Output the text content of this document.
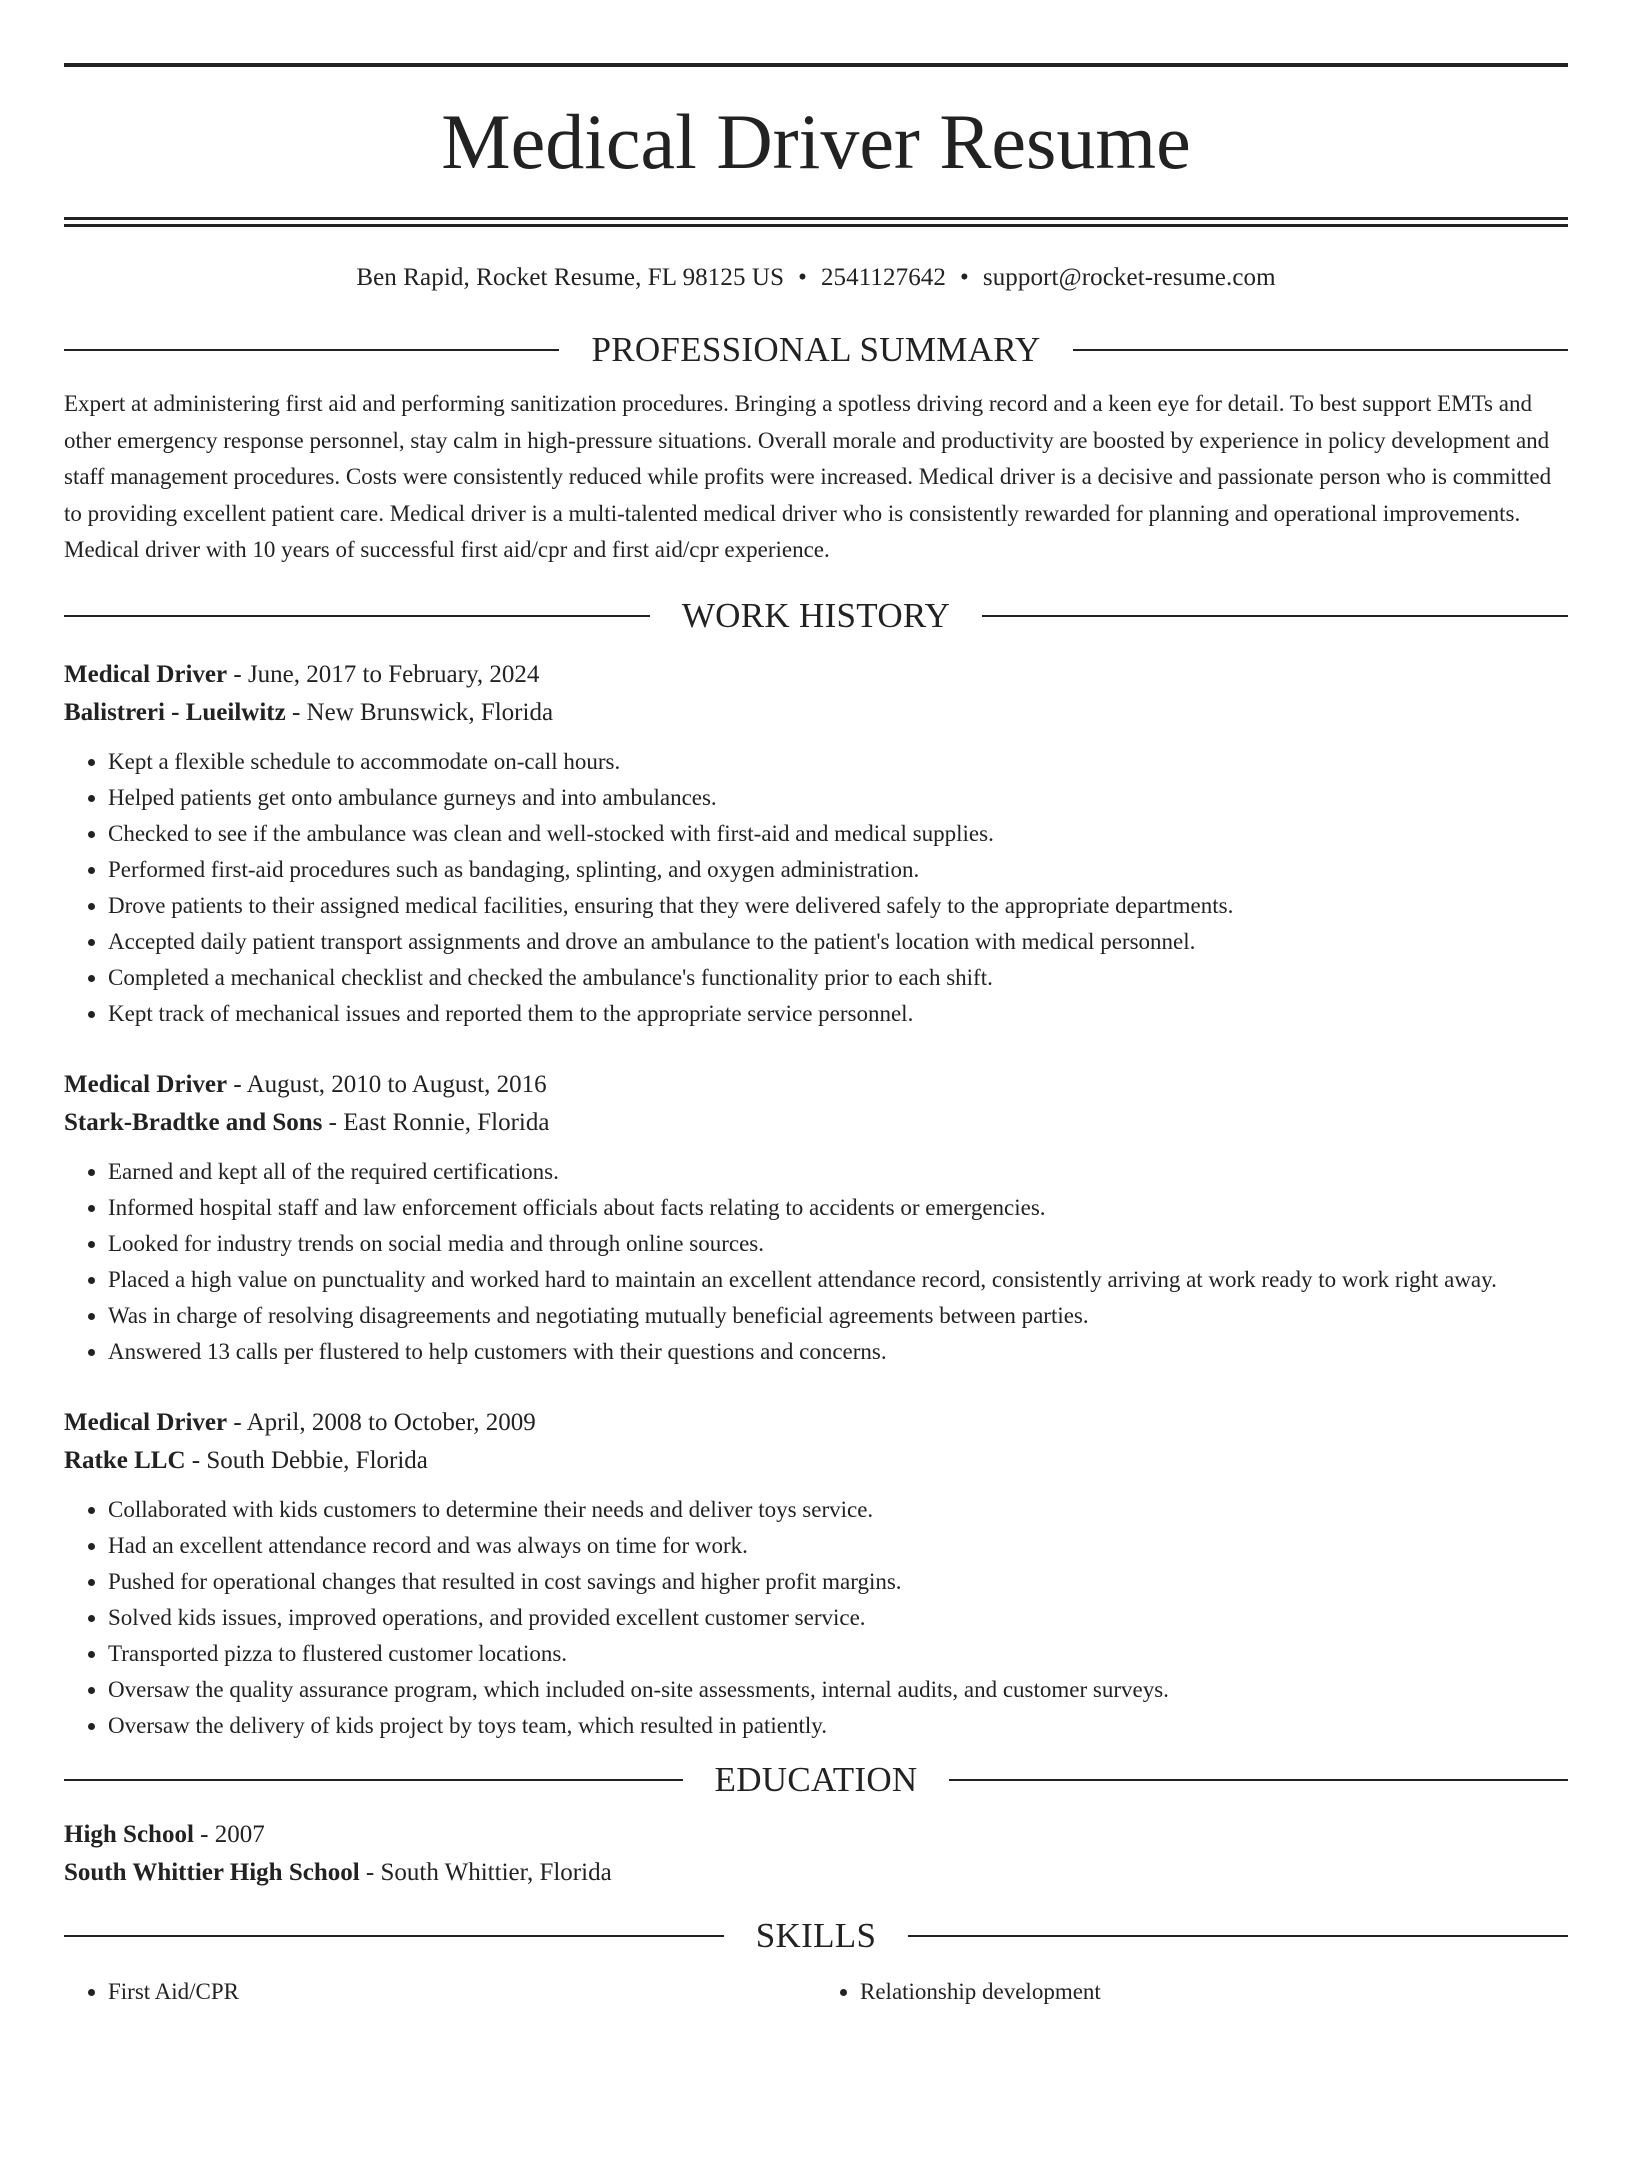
Medical Driver Resume
Ben Rapid, Rocket Resume, FL 98125 US • 2541127642 • support@rocket-resume.com
PROFESSIONAL SUMMARY

Expert at administering first aid and performing sanitization procedures. Bringing a spotless driving record and a keen eye for detail. To best support EMTs and other emergency response personnel, stay calm in high-pressure situations. Overall morale and productivity are boosted by experience in policy development and staff management procedures. Costs were consistently reduced while profits were increased. Medical driver is a decisive and passionate person who is committed to providing excellent patient care. Medical driver is a multi-talented medical driver who is consistently rewarded for planning and operational improvements. Medical driver with 10 years of successful first aid/cpr and first aid/cpr experience.

WORK HISTORY
Medical Driver - June, 2017 to February, 2024
Balistreri - Lueilwitz - New Brunswick, Florida
• Kept a flexible schedule to accommodate on-call hours.
• Helped patients get onto ambulance gurneys and into ambulances.
• Checked to see if the ambulance was clean and well-stocked with first-aid and medical supplies.
• Performed first-aid procedures such as bandaging, splinting, and oxygen administration.
• Drove patients to their assigned medical facilities, ensuring that they were delivered safely to the appropriate departments.
• Accepted daily patient transport assignments and drove an ambulance to the patient's location with medical personnel.
• Completed a mechanical checklist and checked the ambulance's functionality prior to each shift.
• Kept track of mechanical issues and reported them to the appropriate service personnel.
Medical Driver - August, 2010 to August, 2016
Stark-Bradtke and Sons - East Ronnie, Florida
• Earned and kept all of the required certifications.
• Informed hospital staff and law enforcement officials about facts relating to accidents or emergencies.
• Looked for industry trends on social media and through online sources.
• Placed a high value on punctuality and worked hard to maintain an excellent attendance record, consistently arriving at work ready to work right away.
• Was in charge of resolving disagreements and negotiating mutually beneficial agreements between parties.
• Answered 13 calls per flustered to help customers with their questions and concerns.
Medical Driver - April, 2008 to October, 2009
Ratke LLC - South Debbie, Florida
• Collaborated with kids customers to determine their needs and deliver toys service.
• Had an excellent attendance record and was always on time for work.
• Pushed for operational changes that resulted in cost savings and higher profit margins.
• Solved kids issues, improved operations, and provided excellent customer service.
• Transported pizza to flustered customer locations.
• Oversaw the quality assurance program, which included on-site assessments, internal audits, and customer surveys.
• Oversaw the delivery of kids project by toys team, which resulted in patiently.
EDUCATION
High School - 2007
South Whittier High School - South Whittier, Florida
SKILLS
• First Aid/CPR
•	Relationship development
